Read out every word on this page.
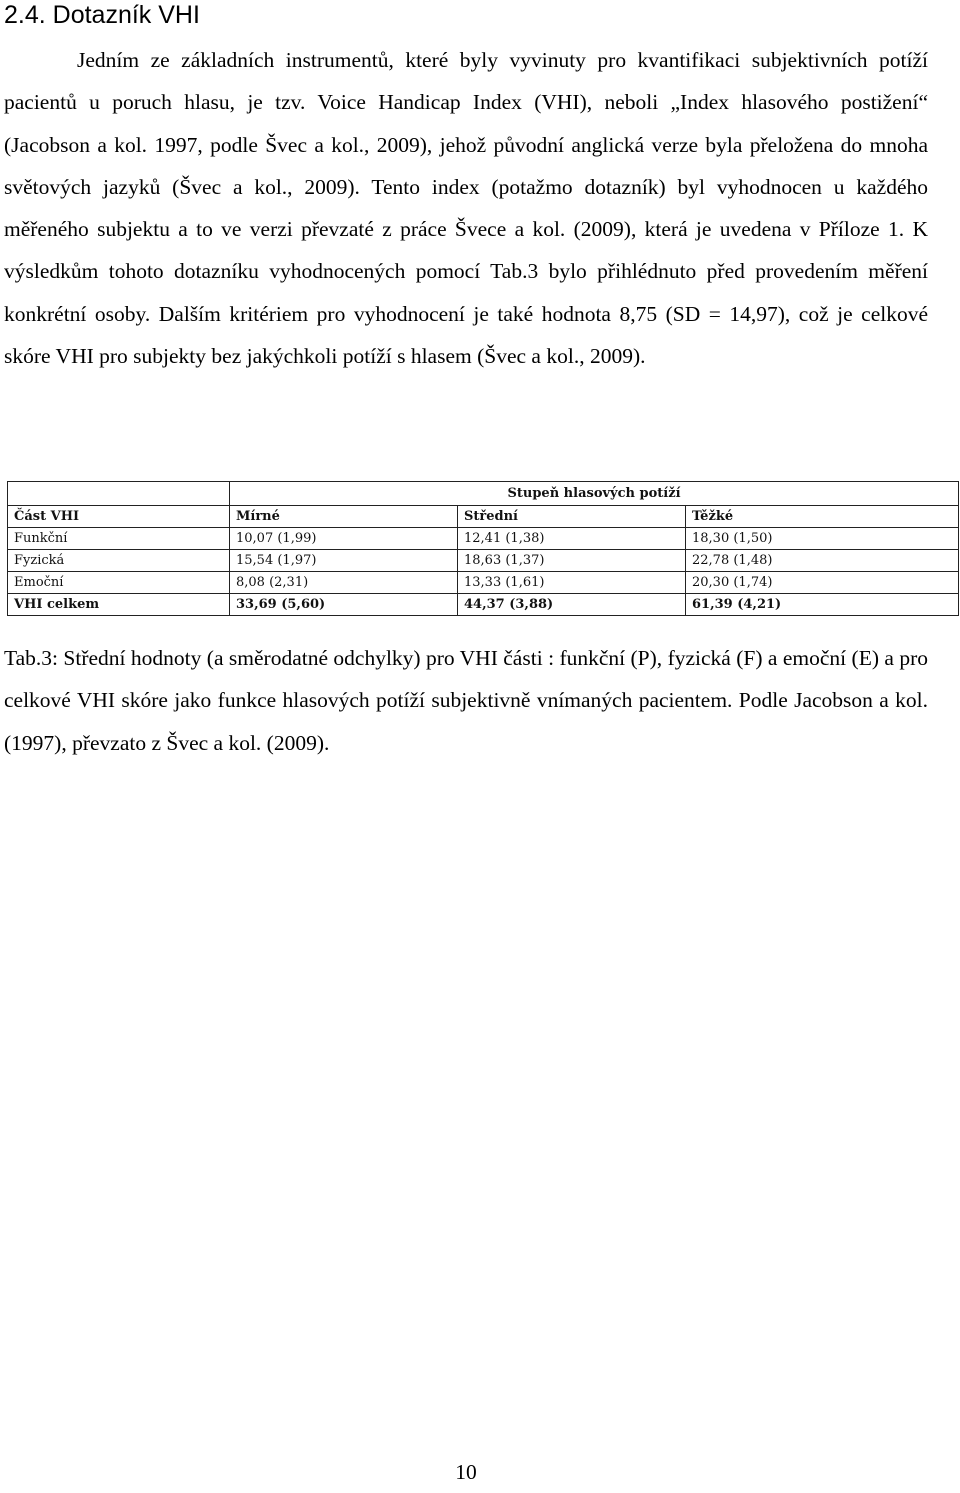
2.4. Dotazník VHI

Jedním ze základních instrumentů, které byly vyvinuty pro kvantifikaci subjektivních potíží pacientů u poruch hlasu, je tzv. Voice Handicap Index (VHI), neboli „Index hlasového postižení“ (Jacobson a kol. 1997, podle Švec a kol., 2009), jehož původní anglická verze byla přeložena do mnoha světových jazyků (Švec a kol., 2009). Tento index (potažmo dotazník) byl vyhodnocen u každého měřeného subjektu a to ve verzi převzaté z práce Švece a kol. (2009), která je uvedena v Příloze 1. K výsledkům tohoto dotazníku vyhodnocených pomocí Tab.3 bylo přihlédnuto před provedením měření konkrétní osoby. Dalším kritériem pro vyhodnocení je také hodnota 8,75 (SD = 14,97), což je celkové skóre VHI pro subjekty bez jakýchkoli potíží s hlasem (Švec a kol., 2009).

	Stupeň hlasových potíží		
Část VHI	Mírné	Střední	Těžké
Funkční	10,07 (1,99)	12,41 (1,38)	18,30 (1,50)
Fyzická	15,54 (1,97)	18,63 (1,37)	22,78 (1,48)
Emoční	8,08 (2,31)	13,33 (1,61)	20,30 (1,74)
VHI celkem	33,69 (5,60)	44,37 (3,88)	61,39 (4,21)

Tab.3: Střední hodnoty (a směrodatné odchylky) pro VHI části : funkční (P), fyzická (F) a emoční (E) a pro celkové VHI skóre jako funkce hlasových potíží subjektivně vnímaných pacientem. Podle Jacobson a kol. (1997), převzato z Švec a kol. (2009).

10
